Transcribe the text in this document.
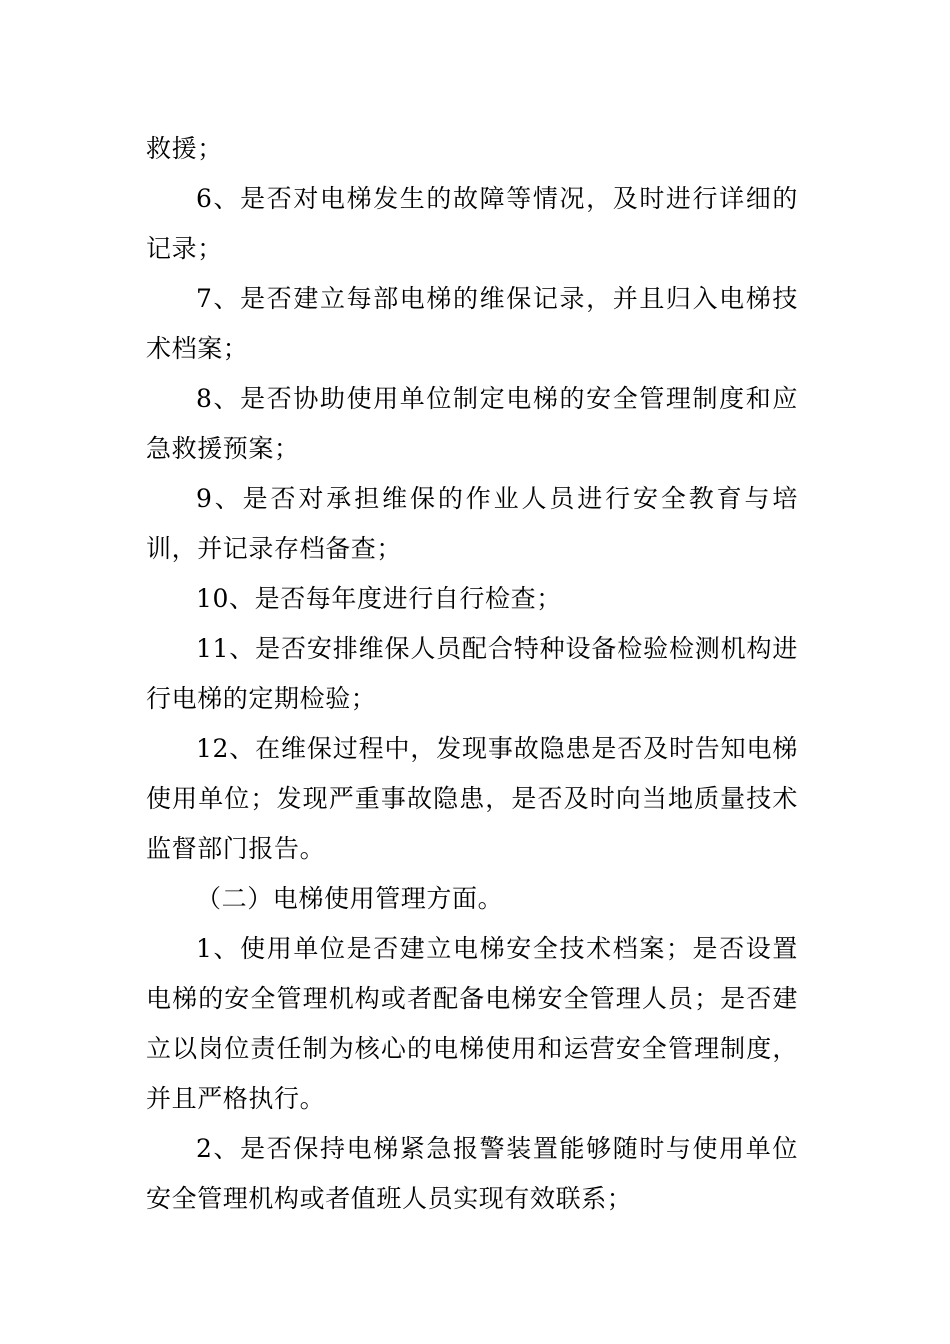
救援；

6、是否对电梯发生的故障等情况，及时进行详细的记录；

7、是否建立每部电梯的维保记录，并且归入电梯技术档案；

8、是否协助使用单位制定电梯的安全管理制度和应急救援预案；

9、是否对承担维保的作业人员进行安全教育与培训，并记录存档备查；

10、是否每年度进行自行检查；

11、是否安排维保人员配合特种设备检验检测机构进行电梯的定期检验；

12、在维保过程中，发现事故隐患是否及时告知电梯使用单位；发现严重事故隐患，是否及时向当地质量技术监督部门报告。

（二）电梯使用管理方面。

1、使用单位是否建立电梯安全技术档案；是否设置电梯的安全管理机构或者配备电梯安全管理人员；是否建立以岗位责任制为核心的电梯使用和运营安全管理制度，并且严格执行。

2、是否保持电梯紧急报警装置能够随时与使用单位安全管理机构或者值班人员实现有效联系；
